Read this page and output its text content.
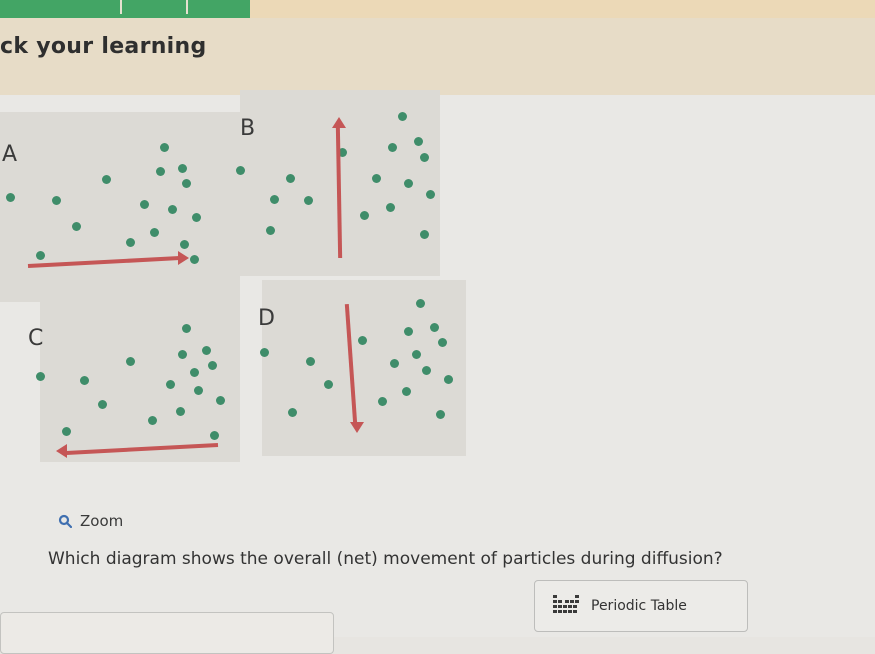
ck your learning
A
B
C
D
Zoom
Which diagram shows the overall (net) movement of particles during diffusion?
Periodic Table
